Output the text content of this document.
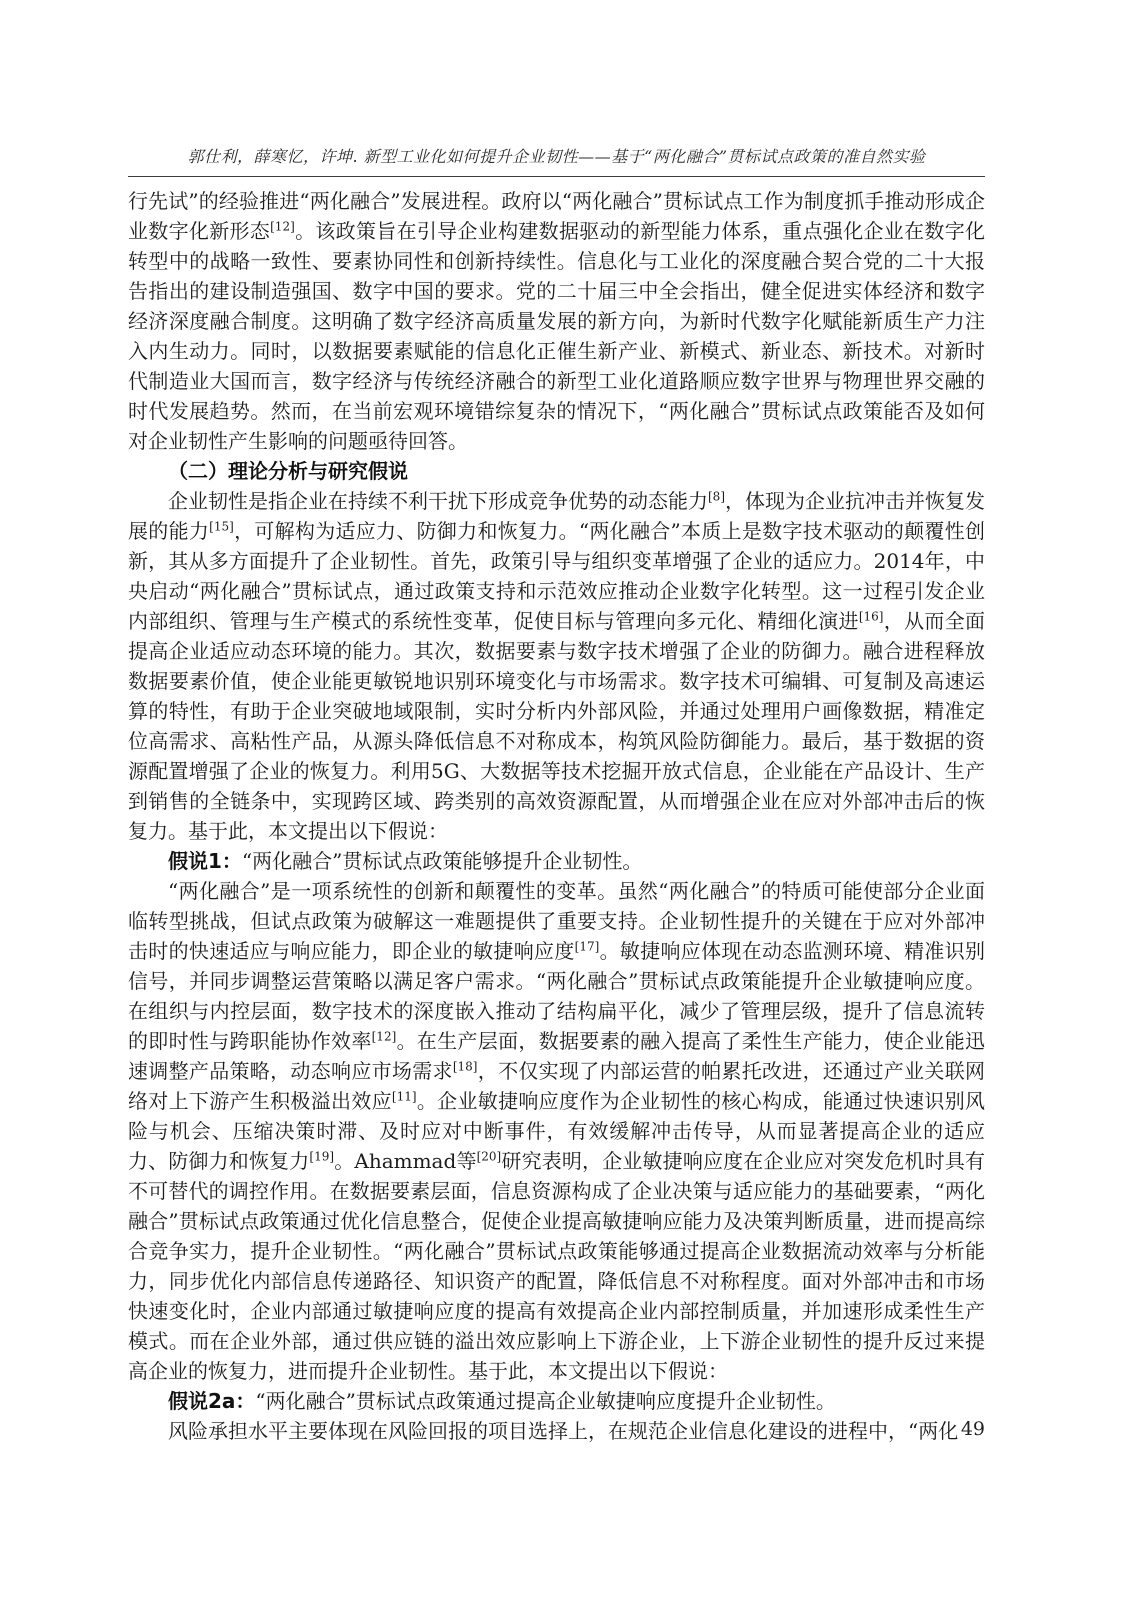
郭仕利，薛寒忆，许坤. 新型工业化如何提升企业韧性——基于“两化融合”贯标试点政策的准自然实验

行先试”的经验推进“两化融合”发展进程。政府以“两化融合”贯标试点工作为制度抓手推动形成企业数字化新形态[12]。该政策旨在引导企业构建数据驱动的新型能力体系，重点强化企业在数字化转型中的战略一致性、要素协同性和创新持续性。信息化与工业化的深度融合契合党的二十大报告指出的建设制造强国、数字中国的要求。党的二十届三中全会指出，健全促进实体经济和数字经济深度融合制度。这明确了数字经济高质量发展的新方向，为新时代数字化赋能新质生产力注入内生动力。同时，以数据要素赋能的信息化正催生新产业、新模式、新业态、新技术。对新时代制造业大国而言，数字经济与传统经济融合的新型工业化道路顺应数字世界与物理世界交融的时代发展趋势。然而，在当前宏观环境错综复杂的情况下，“两化融合”贯标试点政策能否及如何对企业韧性产生影响的问题亟待回答。

（二）理论分析与研究假说

企业韧性是指企业在持续不利干扰下形成竞争优势的动态能力[8]，体现为企业抗冲击并恢复发展的能力[15]，可解构为适应力、防御力和恢复力。“两化融合”本质上是数字技术驱动的颠覆性创新，其从多方面提升了企业韧性。首先，政策引导与组织变革增强了企业的适应力。2014年，中央启动“两化融合”贯标试点，通过政策支持和示范效应推动企业数字化转型。这一过程引发企业内部组织、管理与生产模式的系统性变革，促使目标与管理向多元化、精细化演进[16]，从而全面提高企业适应动态环境的能力。其次，数据要素与数字技术增强了企业的防御力。融合进程释放数据要素价值，使企业能更敏锐地识别环境变化与市场需求。数字技术可编辑、可复制及高速运算的特性，有助于企业突破地域限制，实时分析内外部风险，并通过处理用户画像数据，精准定位高需求、高粘性产品，从源头降低信息不对称成本，构筑风险防御能力。最后，基于数据的资源配置增强了企业的恢复力。利用5G、大数据等技术挖掘开放式信息，企业能在产品设计、生产到销售的全链条中，实现跨区域、跨类别的高效资源配置，从而增强企业在应对外部冲击后的恢复力。基于此，本文提出以下假说：

假说1：“两化融合”贯标试点政策能够提升企业韧性。

“两化融合”是一项系统性的创新和颠覆性的变革。虽然“两化融合”的特质可能使部分企业面临转型挑战，但试点政策为破解这一难题提供了重要支持。企业韧性提升的关键在于应对外部冲击时的快速适应与响应能力，即企业的敏捷响应度[17]。敏捷响应体现在动态监测环境、精准识别信号，并同步调整运营策略以满足客户需求。“两化融合”贯标试点政策能提升企业敏捷响应度。在组织与内控层面，数字技术的深度嵌入推动了结构扁平化，减少了管理层级，提升了信息流转的即时性与跨职能协作效率[12]。在生产层面，数据要素的融入提高了柔性生产能力，使企业能迅速调整产品策略，动态响应市场需求[18]，不仅实现了内部运营的帕累托改进，还通过产业关联网络对上下游产生积极溢出效应[11]。企业敏捷响应度作为企业韧性的核心构成，能通过快速识别风险与机会、压缩决策时滞、及时应对中断事件，有效缓解冲击传导，从而显著提高企业的适应力、防御力和恢复力[19]。Ahammad等[20]研究表明，企业敏捷响应度在企业应对突发危机时具有不可替代的调控作用。在数据要素层面，信息资源构成了企业决策与适应能力的基础要素，“两化融合”贯标试点政策通过优化信息整合，促使企业提高敏捷响应能力及决策判断质量，进而提高综合竞争实力，提升企业韧性。“两化融合”贯标试点政策能够通过提高企业数据流动效率与分析能力，同步优化内部信息传递路径、知识资产的配置，降低信息不对称程度。面对外部冲击和市场快速变化时，企业内部通过敏捷响应度的提高有效提高企业内部控制质量，并加速形成柔性生产模式。而在企业外部，通过供应链的溢出效应影响上下游企业，上下游企业韧性的提升反过来提高企业的恢复力，进而提升企业韧性。基于此，本文提出以下假说：

假说2a：“两化融合”贯标试点政策通过提高企业敏捷响应度提升企业韧性。

风险承担水平主要体现在风险回报的项目选择上，在规范企业信息化建设的进程中，“两化 49
